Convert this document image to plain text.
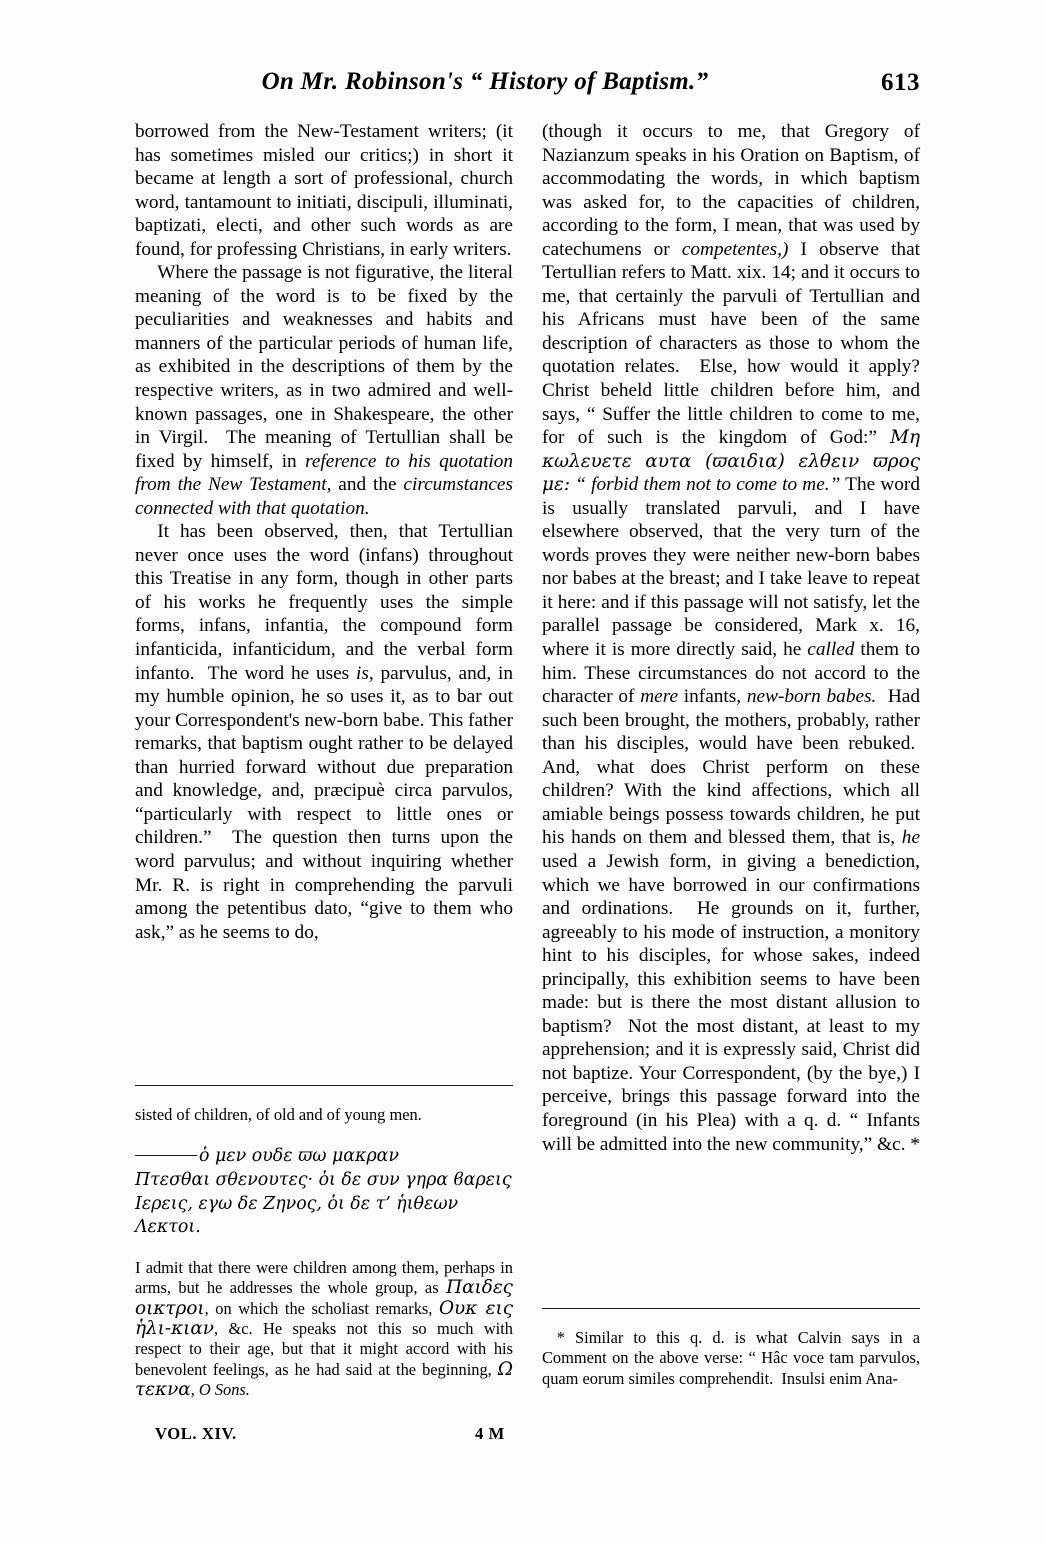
On Mr. Robinson's “ History of Baptism.”	613

borrowed from the New-Testament writers; (it has sometimes misled our critics;) in short it became at length a sort of professional, church word, tantamount to initiati, discipuli, illuminati, baptizati, electi, and other such words as are found, for professing Christians, in early writers.

Where the passage is not figurative, the literal meaning of the word is to be fixed by the peculiarities and weaknesses and habits and manners of the particular periods of human life, as exhibited in the descriptions of them by the respective writers, as in two admired and well-known passages, one in Shakespeare, the other in Virgil.  The meaning of Tertullian shall be fixed by himself, in reference to his quotation from the New Testament, and the circumstances connected with that quotation.

It has been observed, then, that Tertullian never once uses the word (infans) throughout this Treatise in any form, though in other parts of his works he frequently uses the simple forms, infans, infantia, the compound form infanticida, infanticidum, and the verbal form infanto.  The word he uses is, parvulus, and, in my humble opinion, he so uses it, as to bar out your Correspondent's new-born babe. This father remarks, that baptism ought rather to be delayed than hurried forward without due preparation and knowledge, and, præcipuè circa parvulos, “particularly with respect to little ones or children.”  The question then turns upon the word parvulus; and without inquiring whether Mr. R. is right in comprehending the parvuli among the petentibus dato, “give to them who ask,” as he seems to do,

sisted of children, of old and of young men.

ὁ μεν ουδε ϖω μακραν
Πτεσθαι σθενουτες· ὁι δε συν γηρα ϐαρεις
Ιερεις, εγω δε Ζηνος, ὁι δε τ’ ἡιθεων
Λεκτοι.

I admit that there were children among them, perhaps in arms, but he addresses the whole group, as Παιδες οικτροι, on which the scholiast remarks, Ουκ εις ἡλι-κιαν, &c. He speaks not this so much with respect to their age, but that it might accord with his benevolent feelings, as he had said at the beginning, Ω τεκνα, O Sons.

(though it occurs to me, that Gregory of Nazianzum speaks in his Oration on Baptism, of accommodating the words, in which baptism was asked for, to the capacities of children, according to the form, I mean, that was used by catechumens or competentes,) I observe that Tertullian refers to Matt. xix. 14; and it occurs to me, that certainly the parvuli of Tertullian and his Africans must have been of the same description of characters as those to whom the quotation relates.  Else, how would it apply? Christ beheld little children before him, and says, “ Suffer the little children to come to me, for of such is the kingdom of God:” Μη κωλευετε αυτα (ϖαιδια) ελθειν ϖρος με: “ forbid them not to come to me.” The word is usually translated parvuli, and I have elsewhere observed, that the very turn of the words proves they were neither new-born babes nor babes at the breast; and I take leave to repeat it here: and if this passage will not satisfy, let the parallel passage be considered, Mark x. 16, where it is more directly said, he called them to him. These circumstances do not accord to the character of mere infants, new-born babes.  Had such been brought, the mothers, probably, rather than his disciples, would have been rebuked.  And, what does Christ perform on these children? With the kind affections, which all amiable beings possess towards children, he put his hands on them and blessed them, that is, he used a Jewish form, in giving a benediction, which we have borrowed in our confirmations and ordinations.  He grounds on it, further, agreeably to his mode of instruction, a monitory hint to his disciples, for whose sakes, indeed principally, this exhibition seems to have been made: but is there the most distant allusion to baptism?  Not the most distant, at least to my apprehension; and it is expressly said, Christ did not baptize. Your Correspondent, (by the bye,) I perceive, brings this passage forward into the foreground (in his Plea) with a q. d. “ Infants will be admitted into the new community,” &c. *

* Similar to this q. d. is what Calvin says in a Comment on the above verse: “ Hâc voce tam parvulos, quam eorum similes comprehendit.  Insulsi enim Ana-

VOL. XIV.	4 M
